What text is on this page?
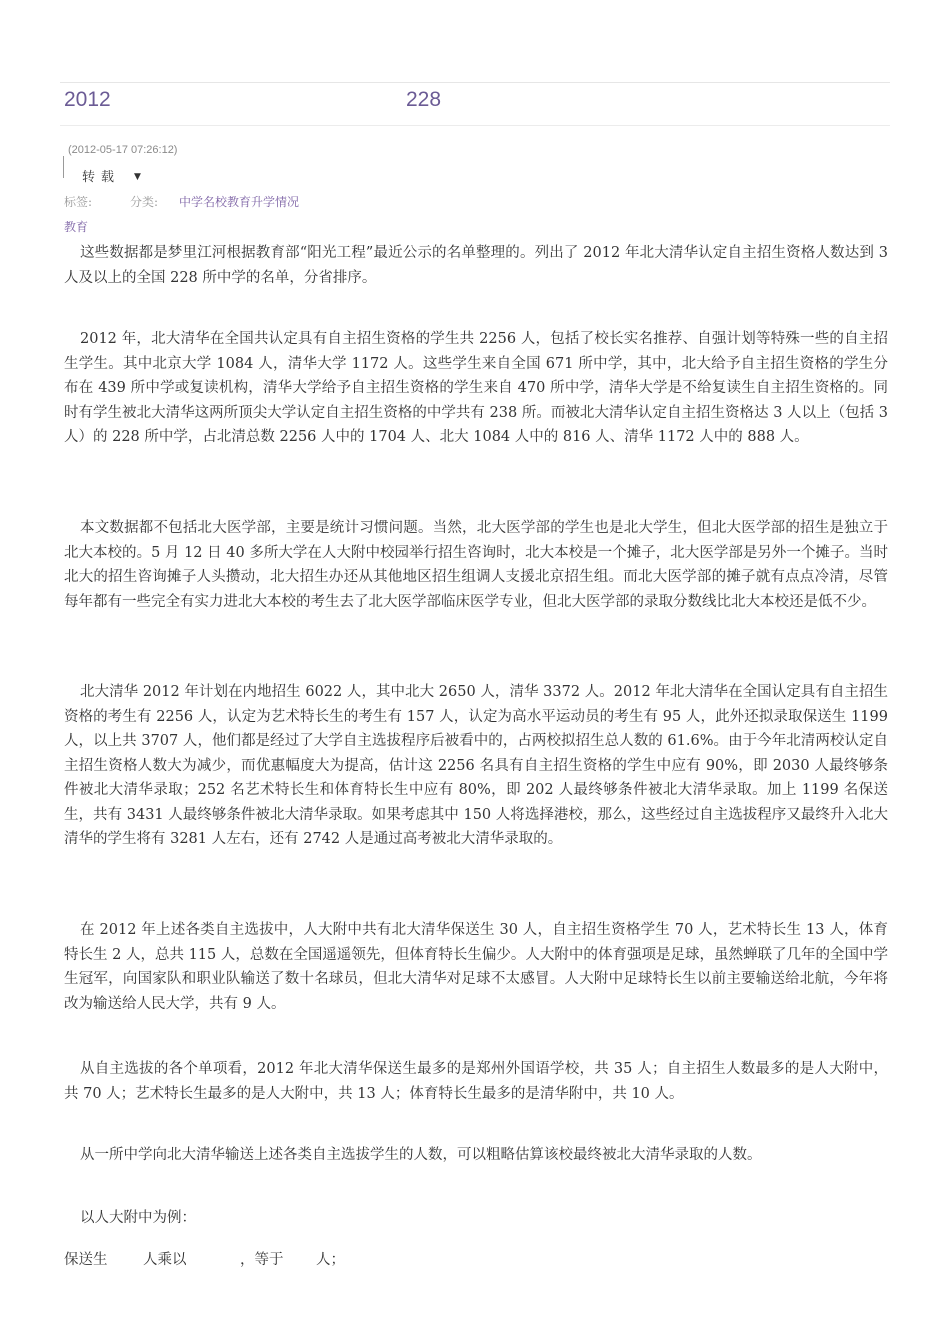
2012	228
(2012-05-17 07:26:12)
转载 ▼
标签:	分类: 中学名校教育升学情况
教育

这些数据都是梦里江河根据教育部“阳光工程”最近公示的名单整理的。列出了 2012 年北大清华认定自主招生资格人数达到 3 人及以上的全国 228 所中学的名单，分省排序。

2012 年，北大清华在全国共认定具有自主招生资格的学生共 2256 人，包括了校长实名推荐、自强计划等特殊一些的自主招生学生。其中北京大学 1084 人，清华大学 1172 人。这些学生来自全国 671 所中学，其中，北大给予自主招生资格的学生分布在 439 所中学或复读机构，清华大学给予自主招生资格的学生来自 470 所中学，清华大学是不给复读生自主招生资格的。同时有学生被北大清华这两所顶尖大学认定自主招生资格的中学共有 238 所。而被北大清华认定自主招生资格达 3 人以上（包括 3 人）的 228 所中学，占北清总数 2256 人中的 1704 人、北大 1084 人中的 816 人、清华 1172 人中的 888 人。

本文数据都不包括北大医学部，主要是统计习惯问题。当然，北大医学部的学生也是北大学生，但北大医学部的招生是独立于北大本校的。5 月 12 日 40 多所大学在人大附中校园举行招生咨询时，北大本校是一个摊子，北大医学部是另外一个摊子。当时北大的招生咨询摊子人头攒动，北大招生办还从其他地区招生组调人支援北京招生组。而北大医学部的摊子就有点点冷清，尽管每年都有一些完全有实力进北大本校的考生去了北大医学部临床医学专业，但北大医学部的录取分数线比北大本校还是低不少。

北大清华 2012 年计划在内地招生 6022 人，其中北大 2650 人，清华 3372 人。2012 年北大清华在全国认定具有自主招生资格的考生有 2256 人，认定为艺术特长生的考生有 157 人，认定为高水平运动员的考生有 95 人，此外还拟录取保送生 1199 人，以上共 3707 人，他们都是经过了大学自主选拔程序后被看中的，占两校拟招生总人数的 61.6%。由于今年北清两校认定自主招生资格人数大为减少，而优惠幅度大为提高，估计这 2256 名具有自主招生资格的学生中应有 90%，即 2030 人最终够条件被北大清华录取；252 名艺术特长生和体育特长生中应有 80%，即 202 人最终够条件被北大清华录取。加上 1199 名保送生，共有 3431 人最终够条件被北大清华录取。如果考虑其中 150 人将选择港校，那么，这些经过自主选拔程序又最终升入北大清华的学生将有 3281 人左右，还有 2742 人是通过高考被北大清华录取的。

在 2012 年上述各类自主选拔中，人大附中共有北大清华保送生 30 人，自主招生资格学生 70 人，艺术特长生 13 人，体育特长生 2 人，总共 115 人，总数在全国遥遥领先，但体育特长生偏少。人大附中的体育强项是足球，虽然蝉联了几年的全国中学生冠军，向国家队和职业队输送了数十名球员，但北大清华对足球不太感冒。人大附中足球特长生以前主要输送给北航，今年将改为输送给人民大学，共有 9 人。

从自主选拔的各个单项看，2012 年北大清华保送生最多的是郑州外国语学校，共 35 人；自主招生人数最多的是人大附中，共 70 人；艺术特长生最多的是人大附中，共 13 人；体育特长生最多的是清华附中，共 10 人。

从一所中学向北大清华输送上述各类自主选拔学生的人数，可以粗略估算该校最终被北大清华录取的人数。

以人大附中为例：

保送生 人乘以	，等于 人；
